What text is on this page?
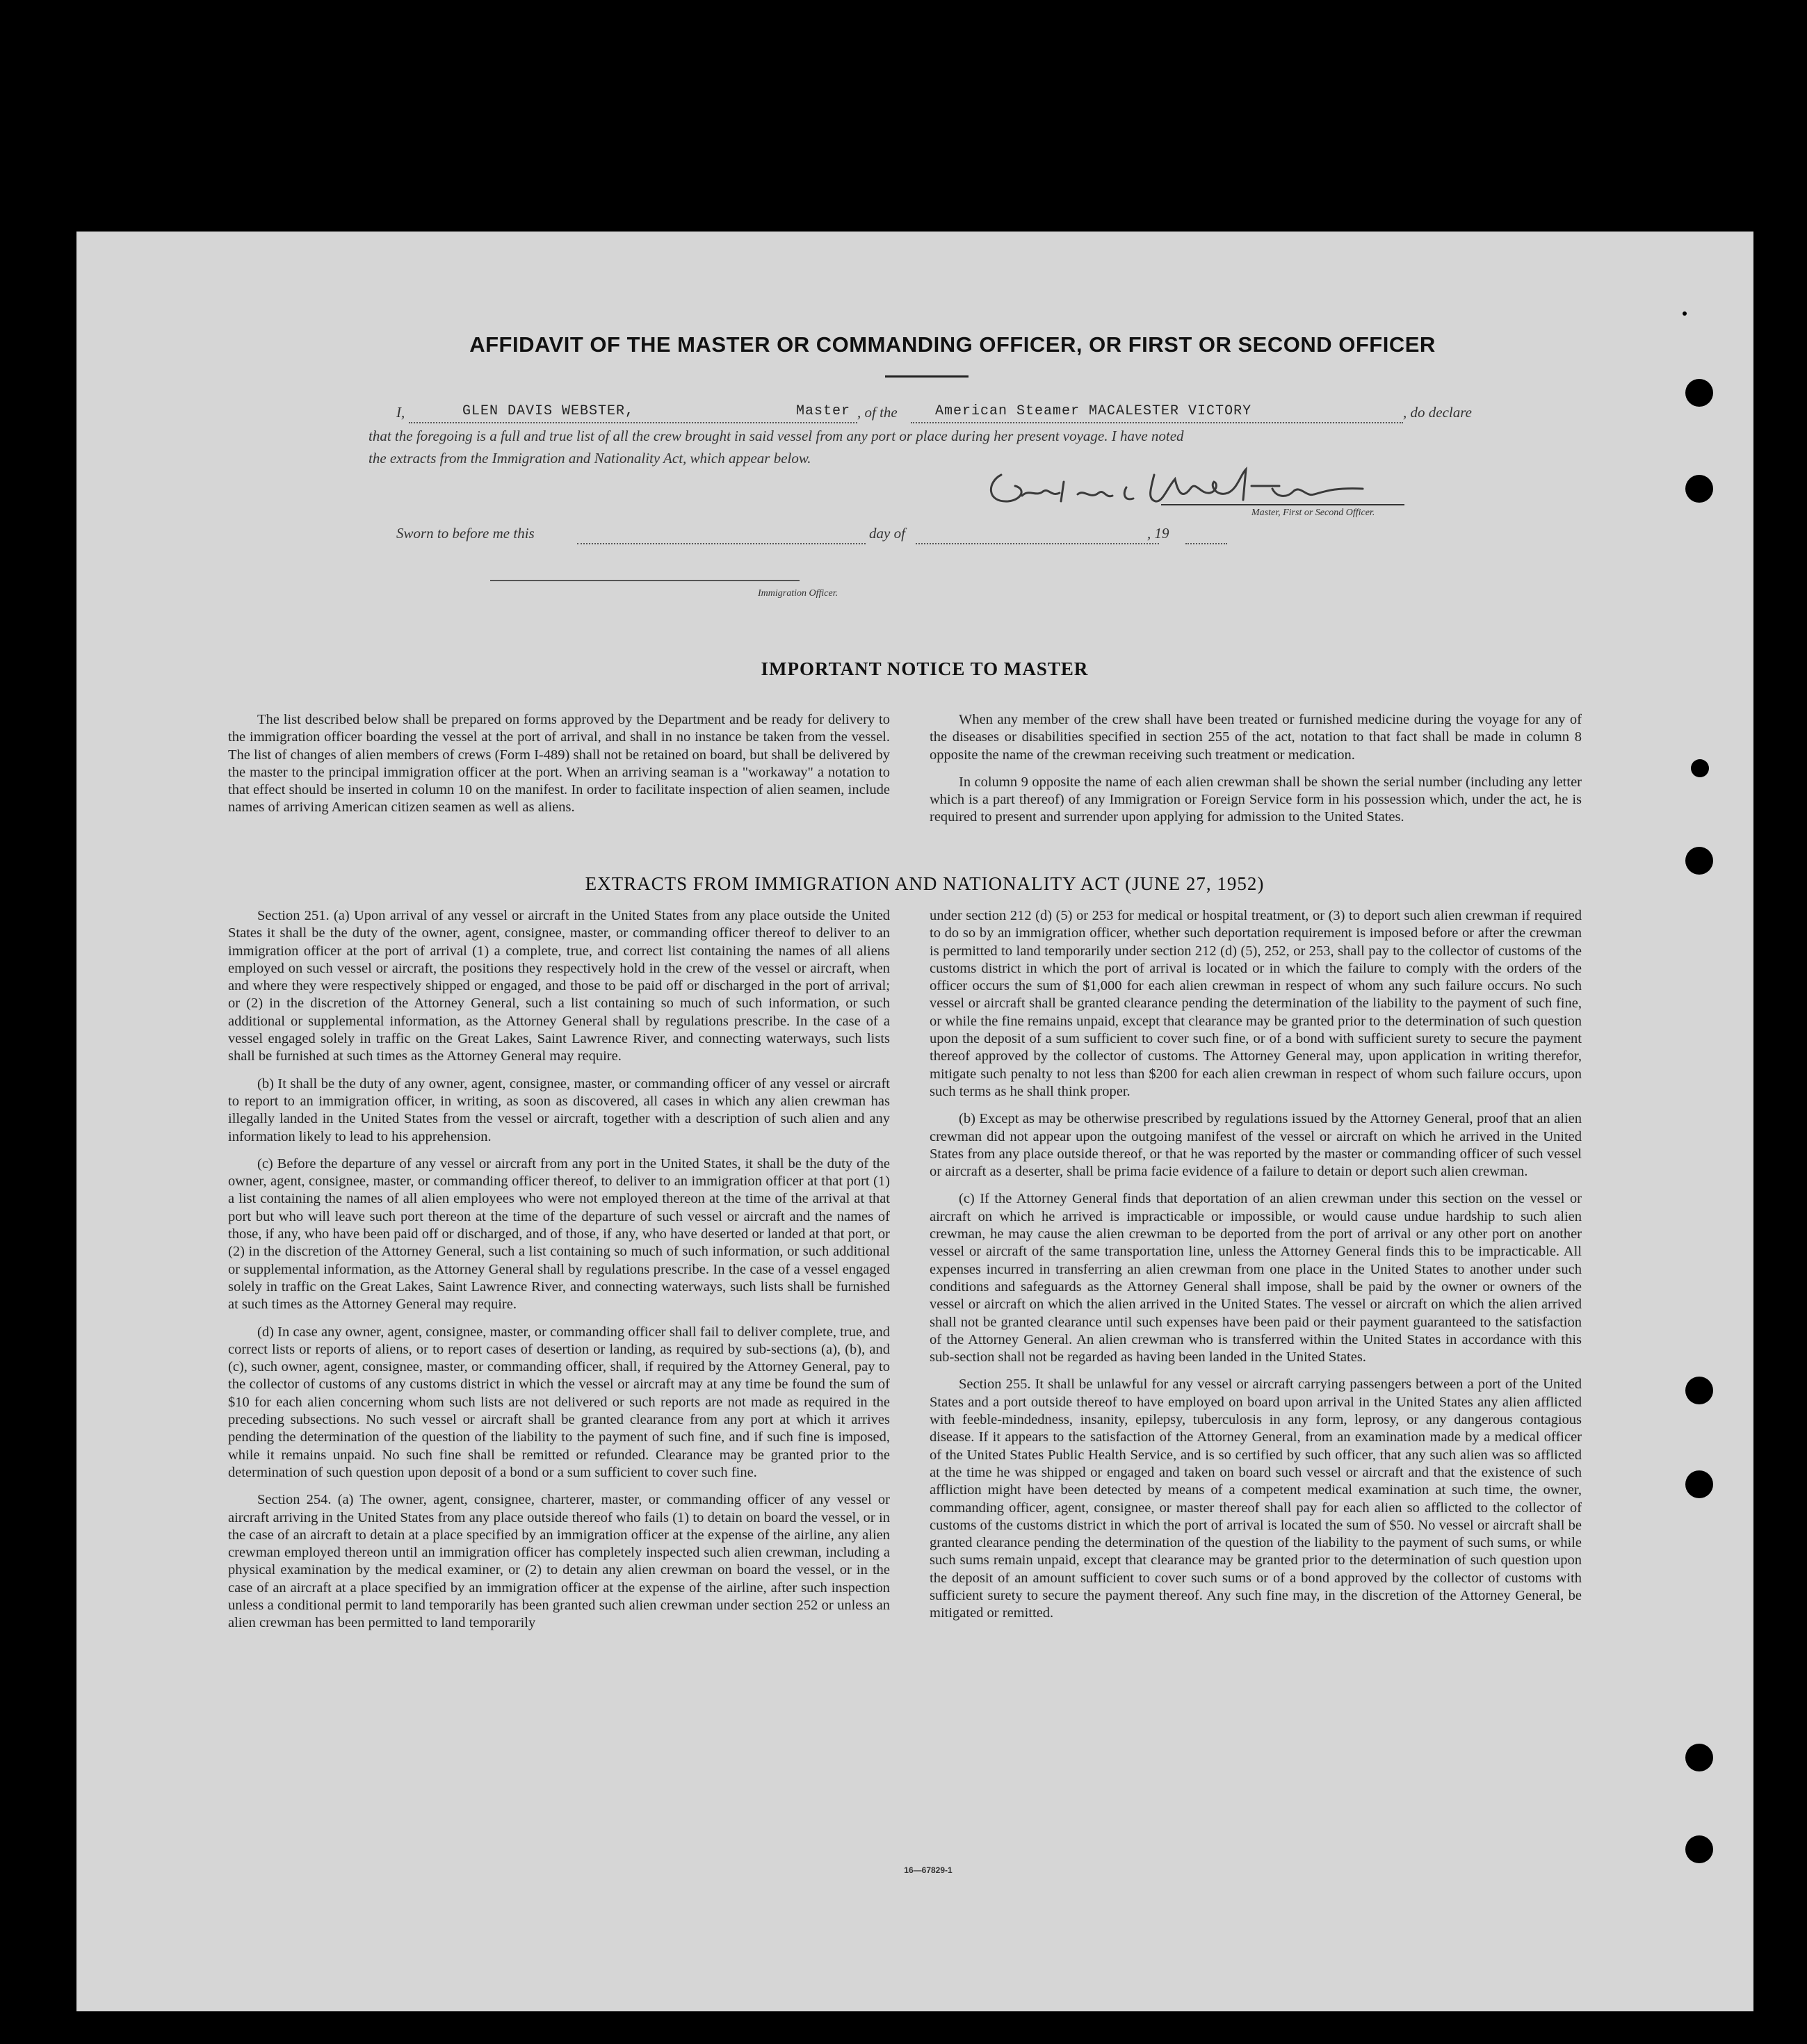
AFFIDAVIT OF THE MASTER OR COMMANDING OFFICER, OR FIRST OR SECOND OFFICER
I,	GLEN DAVIS WEBSTER,	Master , of the	American Steamer MACALESTER VICTORY	, do declare
that the foregoing is a full and true list of all the crew brought in said vessel from any port or place during her present voyage. I have noted
the extracts from the Immigration and Nationality Act, which appear below.
Master, First or Second Officer.
Sworn to before me this	day of	, 19
Immigration Officer.
IMPORTANT NOTICE TO MASTER

The list described below shall be prepared on forms approved by the Department and be ready for delivery to the immigration officer boarding the vessel at the port of arrival, and shall in no instance be taken from the vessel. The list of changes of alien members of crews (Form I-489) shall not be retained on board, but shall be delivered by the master to the principal immigration officer at the port. When an arriving seaman is a "workaway" a notation to that effect should be inserted in column 10 on the manifest. In order to facilitate inspection of alien seamen, include names of arriving American citizen seamen as well as aliens.

When any member of the crew shall have been treated or furnished medicine during the voyage for any of the diseases or disabilities specified in section 255 of the act, notation to that fact shall be made in column 8 opposite the name of the crewman receiving such treatment or medication.

In column 9 opposite the name of each alien crewman shall be shown the serial number (including any letter which is a part thereof) of any Immigration or Foreign Service form in his possession which, under the act, he is required to present and surrender upon applying for admission to the United States.

EXTRACTS FROM IMMIGRATION AND NATIONALITY ACT (JUNE 27, 1952)

Section 251. (a) Upon arrival of any vessel or aircraft in the United States from any place outside the United States it shall be the duty of the owner, agent, consignee, master, or commanding officer thereof to deliver to an immigration officer at the port of arrival (1) a complete, true, and correct list containing the names of all aliens employed on such vessel or aircraft, the positions they respectively hold in the crew of the vessel or aircraft, when and where they were respectively shipped or engaged, and those to be paid off or discharged in the port of arrival; or (2) in the discretion of the Attorney General, such a list containing so much of such information, or such additional or supplemental information, as the Attorney General shall by regulations prescribe. In the case of a vessel engaged solely in traffic on the Great Lakes, Saint Lawrence River, and connecting waterways, such lists shall be furnished at such times as the Attorney General may require.

(b) It shall be the duty of any owner, agent, consignee, master, or commanding officer of any vessel or aircraft to report to an immigration officer, in writing, as soon as discovered, all cases in which any alien crewman has illegally landed in the United States from the vessel or aircraft, together with a description of such alien and any information likely to lead to his apprehension.

(c) Before the departure of any vessel or aircraft from any port in the United States, it shall be the duty of the owner, agent, consignee, master, or commanding officer thereof, to deliver to an immigration officer at that port (1) a list containing the names of all alien employees who were not employed thereon at the time of the arrival at that port but who will leave such port thereon at the time of the departure of such vessel or aircraft and the names of those, if any, who have been paid off or discharged, and of those, if any, who have deserted or landed at that port, or (2) in the discretion of the Attorney General, such a list containing so much of such information, or such additional or supplemental information, as the Attorney General shall by regulations prescribe. In the case of a vessel engaged solely in traffic on the Great Lakes, Saint Lawrence River, and connecting waterways, such lists shall be furnished at such times as the Attorney General may require.

(d) In case any owner, agent, consignee, master, or commanding officer shall fail to deliver complete, true, and correct lists or reports of aliens, or to report cases of desertion or landing, as required by sub-sections (a), (b), and (c), such owner, agent, consignee, master, or commanding officer, shall, if required by the Attorney General, pay to the collector of customs of any customs district in which the vessel or aircraft may at any time be found the sum of $10 for each alien concerning whom such lists are not delivered or such reports are not made as required in the preceding subsections. No such vessel or aircraft shall be granted clearance from any port at which it arrives pending the determination of the question of the liability to the payment of such fine, and if such fine is imposed, while it remains unpaid. No such fine shall be remitted or refunded. Clearance may be granted prior to the determination of such question upon deposit of a bond or a sum sufficient to cover such fine.

Section 254. (a) The owner, agent, consignee, charterer, master, or commanding officer of any vessel or aircraft arriving in the United States from any place outside thereof who fails (1) to detain on board the vessel, or in the case of an aircraft to detain at a place specified by an immigration officer at the expense of the airline, any alien crewman employed thereon until an immigration officer has completely inspected such alien crewman, including a physical examination by the medical examiner, or (2) to detain any alien crewman on board the vessel, or in the case of an aircraft at a place specified by an immigration officer at the expense of the airline, after such inspection unless a conditional permit to land temporarily has been granted such alien crewman under section 252 or unless an alien crewman has been permitted to land temporarily

under section 212 (d) (5) or 253 for medical or hospital treatment, or (3) to deport such alien crewman if required to do so by an immigration officer, whether such deportation requirement is imposed before or after the crewman is permitted to land temporarily under section 212 (d) (5), 252, or 253, shall pay to the collector of customs of the customs district in which the port of arrival is located or in which the failure to comply with the orders of the officer occurs the sum of $1,000 for each alien crewman in respect of whom any such failure occurs. No such vessel or aircraft shall be granted clearance pending the determination of the liability to the payment of such fine, or while the fine remains unpaid, except that clearance may be granted prior to the determination of such question upon the deposit of a sum sufficient to cover such fine, or of a bond with sufficient surety to secure the payment thereof approved by the collector of customs. The Attorney General may, upon application in writing therefor, mitigate such penalty to not less than $200 for each alien crewman in respect of whom such failure occurs, upon such terms as he shall think proper.

(b) Except as may be otherwise prescribed by regulations issued by the Attorney General, proof that an alien crewman did not appear upon the outgoing manifest of the vessel or aircraft on which he arrived in the United States from any place outside thereof, or that he was reported by the master or commanding officer of such vessel or aircraft as a deserter, shall be prima facie evidence of a failure to detain or deport such alien crewman.

(c) If the Attorney General finds that deportation of an alien crewman under this section on the vessel or aircraft on which he arrived is impracticable or impossible, or would cause undue hardship to such alien crewman, he may cause the alien crewman to be deported from the port of arrival or any other port on another vessel or aircraft of the same transportation line, unless the Attorney General finds this to be impracticable. All expenses incurred in transferring an alien crewman from one place in the United States to another under such conditions and safeguards as the Attorney General shall impose, shall be paid by the owner or owners of the vessel or aircraft on which the alien arrived in the United States. The vessel or aircraft on which the alien arrived shall not be granted clearance until such expenses have been paid or their payment guaranteed to the satisfaction of the Attorney General. An alien crewman who is transferred within the United States in accordance with this sub-section shall not be regarded as having been landed in the United States.

Section 255. It shall be unlawful for any vessel or aircraft carrying passengers between a port of the United States and a port outside thereof to have employed on board upon arrival in the United States any alien afflicted with feeble-mindedness, insanity, epilepsy, tuberculosis in any form, leprosy, or any dangerous contagious disease. If it appears to the satisfaction of the Attorney General, from an examination made by a medical officer of the United States Public Health Service, and is so certified by such officer, that any such alien was so afflicted at the time he was shipped or engaged and taken on board such vessel or aircraft and that the existence of such affliction might have been detected by means of a competent medical examination at such time, the owner, commanding officer, agent, consignee, or master thereof shall pay for each alien so afflicted to the collector of customs of the customs district in which the port of arrival is located the sum of $50. No vessel or aircraft shall be granted clearance pending the determination of the question of the liability to the payment of such sums, or while such sums remain unpaid, except that clearance may be granted prior to the determination of such question upon the deposit of an amount sufficient to cover such sums or of a bond approved by the collector of customs with sufficient surety to secure the payment thereof. Any such fine may, in the discretion of the Attorney General, be mitigated or remitted.

16—67829-1
